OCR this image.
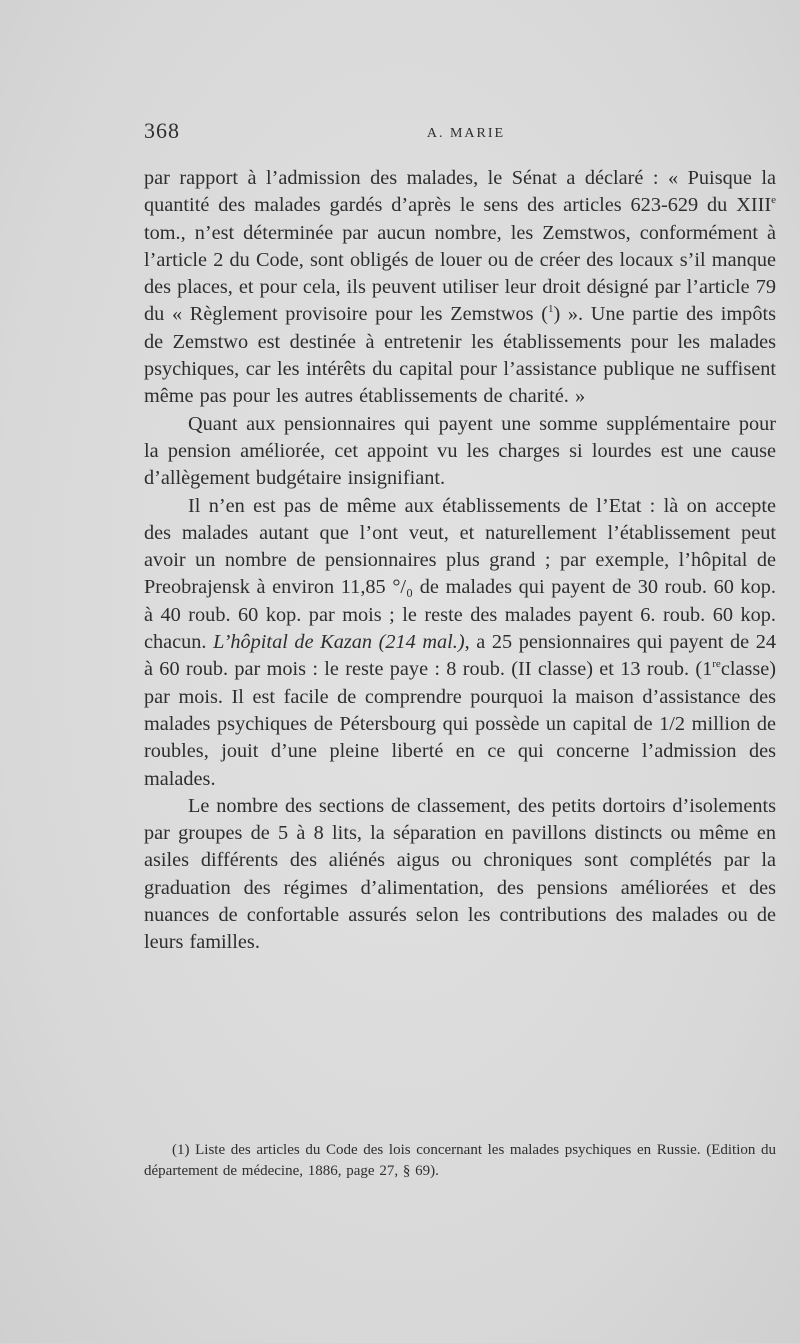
368	A. MARIE

par rapport à l’admission des malades, le Sénat a déclaré : « Puisque la quantité des malades gardés d’après le sens des articles 623-629 du XIIIe tom., n’est déterminée par aucun nombre, les Zemstwos, conformément à l’article 2 du Code, sont obligés de louer ou de créer des locaux s’il manque des places, et pour cela, ils peuvent utiliser leur droit désigné par l’article 79 du « Règlement provisoire pour les Zemstwos ($^1$) ». Une partie des impôts de Zemstwo est destinée à entretenir les établissements pour les malades psychiques, car les intérêts du capital pour l’assistance publique ne suffisent même pas pour les autres établissements de charité. »

Quant aux pensionnaires qui payent une somme supplémentaire pour la pension améliorée, cet appoint vu les charges si lourdes est une cause d’allègement budgétaire insignifiant.

Il n’en est pas de même aux établissements de l’Etat : là on accepte des malades autant que l’ont veut, et naturellement l’établissement peut avoir un nombre de pensionnaires plus grand ; par exemple, l’hôpital de Preobrajensk à environ 11,85 °/₀ de malades qui payent de 30 roub. 60 kop. à 40 roub. 60 kop. par mois ; le reste des malades payent 6. roub. 60 kop. chacun. L’hôpital de Kazan (214 mal.), a 25 pensionnaires qui payent de 24 à 60 roub. par mois : le reste paye : 8 roub. (II classe) et 13 roub. (1reclasse) par mois. Il est facile de comprendre pourquoi la maison d’assistance des malades psychiques de Pétersbourg qui possède un capital de 1/2 million de roubles, jouit d’une pleine liberté en ce qui concerne l’admission des malades.

Le nombre des sections de classement, des petits dortoirs d’isolements par groupes de 5 à 8 lits, la séparation en pavillons distincts ou même en asiles différents des aliénés aigus ou chroniques sont complétés par la graduation des régimes d’alimentation, des pensions améliorées et des nuances de confortable assurés selon les contributions des malades ou de leurs familles.

(1) Liste des articles du Code des lois concernant les malades psychiques en Russie. (Edition du département de médecine, 1886, page 27, § 69).
